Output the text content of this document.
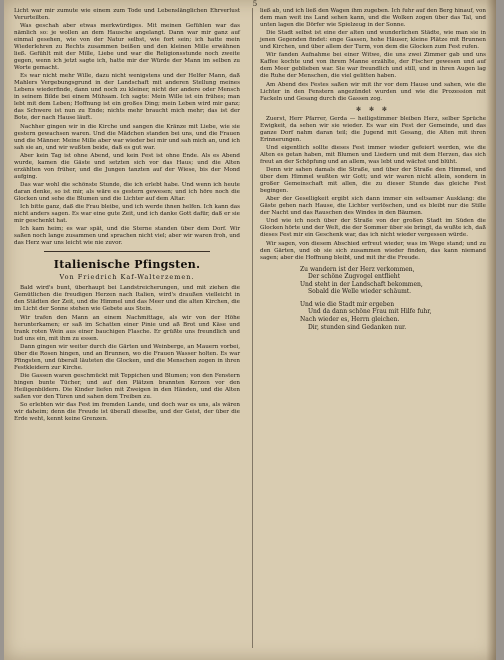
5

Licht war mir zumute wie einem zum Tode und Lebenslänglichen Ehrverlust Verurteilten.

Was geschah aber etwas merkwürdiges. Mit meinen Gefühlen war das nämlich so: je wollen an dem Hausche angelangt. Dann war mir ganz auf einmal gesehen, wie von der Natur selbst, wie fort sein; ich hatte mein Wiederlehren zu Rechts zusammen beißen und den kleinen Mille erwähnen ließ. Gefühlt mit der Mille, Liebe und war die Religionsstunde noch zweite gegen, wenn ich jetzt sagte ich, hatte mir der Würde der Mann im selben zu Worte gemacht.

Es war nicht mehr Wille, dazu nicht wenigstens und der Helfer Mann, daß Mahlers Vergebungsgrund in der Landschaft mit anderen Stellung meines Lebens wiederfinde, dann und noch zu kleiner, nicht der andere oder Mensch in seinem Bilde bei einem Mühsam. Ich sagte: Mein Wille ist ein frühes; man lebt mit dem Leben; Hoffnung ist ein großes Ding; mein Leben wird mir ganz; das Schwere ist nun zu Ende; nichts mehr braucht mich mehr; das ist der Bote, der nach Hause läuft.

Nachher gingen wir in die Kirche und sangen die Kränze mit Liebe, wie sie gestern gewachsen waren. Und die Mädchen standen bei uns, und die Frauen und die Männer. Meine Mille aber war wieder bei mir und sah mich an, und ich sah sie an, und wir wußten beide, daß es gut war.

Aber kein Tag ist ohne Abend, und kein Fest ist ohne Ende. Als es Abend wurde, kamen die Gäste und setzten sich vor das Haus; und die Alten erzählten von früher, und die Jungen tanzten auf der Wiese, bis der Mond aufging.

Das war wohl die schönste Stunde, die ich erlebt habe. Und wenn ich heute daran denke, so ist mir, als wäre es gestern gewesen; und ich höre noch die Glocken und sehe die Blumen und die Lichter auf dem Altar.

Ich bitte ganz, daß die Frau bleibe, und ich werde ihnen helfen. Ich kann das nicht anders sagen. Es war eine gute Zeit, und ich danke Gott dafür, daß er sie mir geschenkt hat.

Ich kam heim; es war spät, und die Sterne standen über dem Dorf. Wir saßen noch lange zusammen und sprachen nicht viel; aber wir waren froh, und das Herz war uns leicht wie nie zuvor.

Italienische Pfingsten.
Von Friedrich Kaf-Walterzemen.

Bald wird's bunt, überhaupt bei Landstreicherungen, und mit ziehen die Gemütlichen die freudigen Herzen nach Italien, wird's draußen vielleicht in den Städten der Zeit, und die Himmel und das Meer und die alten Kirchen, die im Licht der Sonne stehen wie Gebete aus Stein.

Wir trafen den Mann an einem Nachmittage, als wir von der Höhe herunterkamen; er saß im Schatten einer Pinie und aß Brot und Käse und trank roten Wein aus einer bauchigen Flasche. Er grüßte uns freundlich und lud uns ein, mit ihm zu essen.

Dann gingen wir weiter durch die Gärten und Weinberge, an Mauern vorbei, über die Rosen hingen, und an Brunnen, wo die Frauen Wasser holten. Es war Pfingsten, und überall läuteten die Glocken, und die Menschen zogen in ihren Festkleidern zur Kirche.

Die Gassen waren geschmückt mit Teppichen und Blumen; von den Fenstern hingen bunte Tücher, und auf den Plätzen brannten Kerzen vor den Heiligenbildern. Die Kinder liefen mit Zweigen in den Händen, und die Alten saßen vor den Türen und sahen dem Treiben zu.

So erlebten wir das Fest im fremden Lande, und doch war es uns, als wären wir daheim; denn die Freude ist überall dieselbe, und der Geist, der über die Erde weht, kennt keine Grenzen.

ließ ab, und ich ließ den Wagen ihm zugeben. Ich fuhr auf den Berg hinauf, von dem man weit ins Land sehen kann, und die Wolken zogen über das Tal, und unten lagen die Dörfer wie Spielzeug in der Sonne.

Die Stadt selbst ist eine der alten und wunderlichen Städte, wie man sie in jenen Gegenden findet: enge Gassen, hohe Häuser, kleine Plätze mit Brunnen und Kirchen, und über allem der Turm, von dem die Glocken zum Fest rufen.

Wir fanden Aufnahme bei einer Witwe, die uns zwei Zimmer gab und uns Kaffee kochte und von ihrem Manne erzählte, der Fischer gewesen und auf dem Meer geblieben war. Sie war freundlich und still, und in ihren Augen lag die Ruhe der Menschen, die viel gelitten haben.

Am Abend des Festes saßen wir mit ihr vor dem Hause und sahen, wie die Lichter in den Fenstern angezündet wurden und wie die Prozession mit Fackeln und Gesang durch die Gassen zog.

✻ ✻ ✻

Zuerst, Herr Pfarrer, Gerda — heiligstimmer bleiben Herz, selber Sprüche Ewigkeit, da sehen wir sie wieder. Es war ein Fest der Gemeinde, und das ganze Dorf nahm daran teil; die Jugend mit Gesang, die Alten mit ihren Erinnerungen.

Und eigentlich sollte dieses Fest immer wieder gefeiert werden, wie die Alten es getan haben, mit Blumen und Liedern und mit dem Herzen, das sich freut an der Schöpfung und an allem, was lebt und wächst und blüht.

Denn wir sahen damals die Straße, und über der Straße den Himmel, und über dem Himmel wußten wir Gott; und wir waren nicht allein, sondern in großer Gemeinschaft mit allen, die zu dieser Stunde das gleiche Fest begingen.

Aber der Geselligkeit ergibt sich dann immer ein seltsamer Ausklang: die Gäste gehen nach Hause, die Lichter verlöschen, und es bleibt nur die Stille der Nacht und das Rauschen des Windes in den Bäumen.

Und wie ich noch über der Straße von der großen Stadt im Süden die Glocken hörte und der Welt, die der Sommer über sie bringt, da wußte ich, daß dieses Fest mir ein Geschenk war, das ich nicht wieder vergessen würde.

Wir sagen, von diesem Abschied erfreut wieder, was im Wege stand; und zu den Gärten, und ob sie sich zusammen wieder finden, das kann niemand sagen; aber die Hoffnung bleibt, und mit ihr die Freude.

Zu wandern ist der Herz verkommen,
Der schöne Zugvogel entflieht
Und steht in der Landschaft bekommen,
Sobald die Welle wieder schäumt.
Und wie die Stadt mir ergeben
Und da dann schöne Frau mit Hilfe fuhr,
Nach wieder es, Herrn gleichen.
Dir, stunden sind Gedanken nur.
